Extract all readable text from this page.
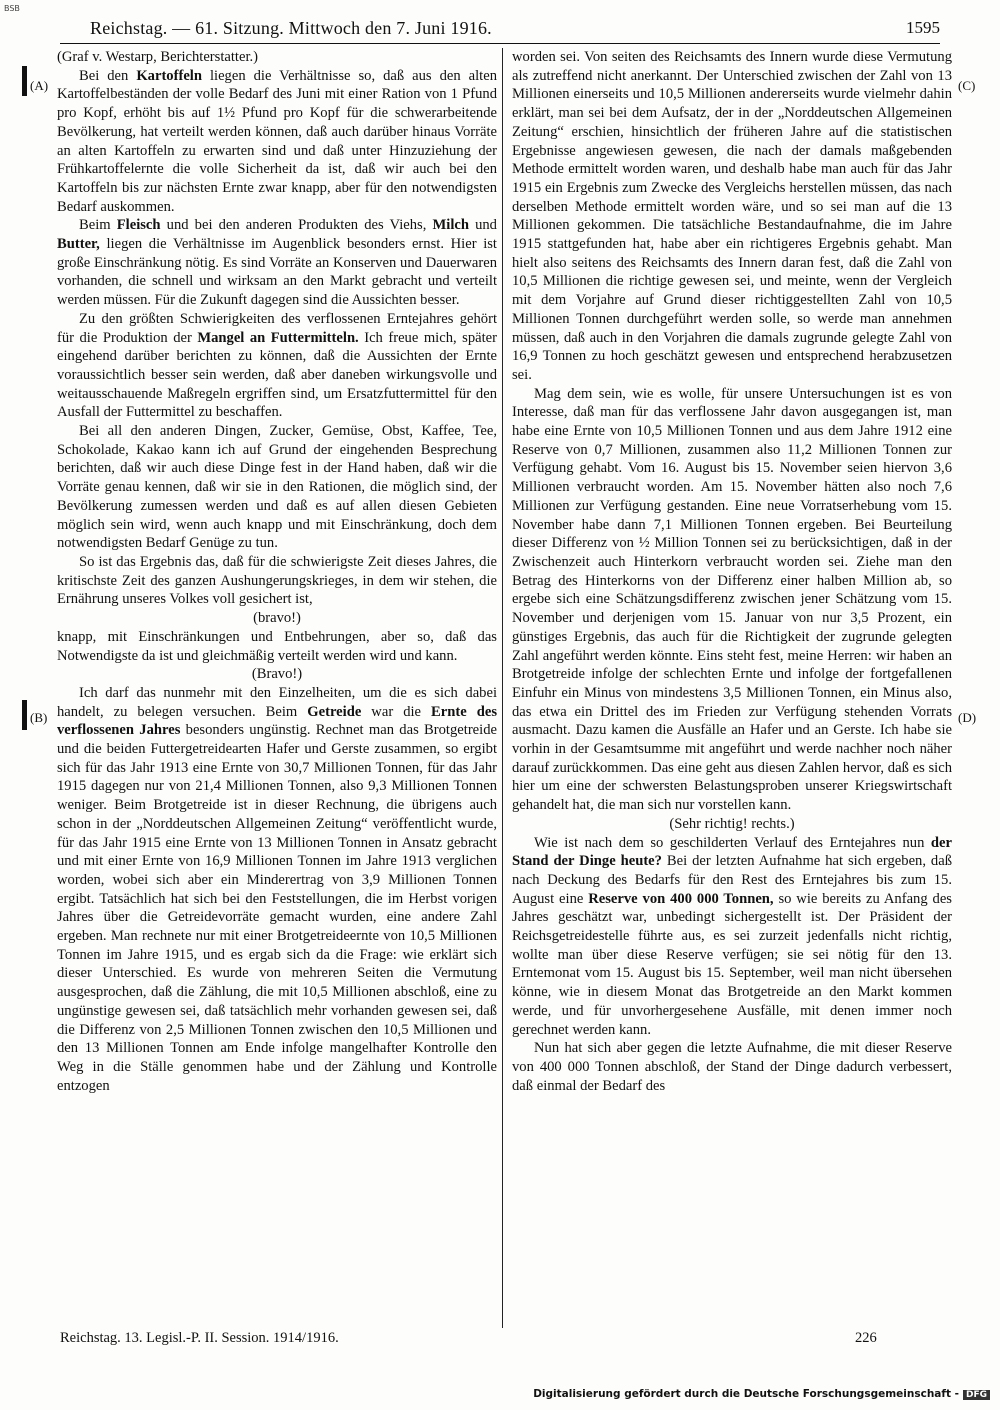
BSB
Reichstag. — 61. Sitzung. Mittwoch den 7. Juni 1916.	1595
(A)
(B)
(C)
(D)

(Graf v. Westarp, Berichterstatter.)

Bei den Kartoffeln liegen die Verhältnisse so, daß aus den alten Kartoffelbeständen der volle Bedarf des Juni mit einer Ration von 1 Pfund pro Kopf, erhöht bis auf 1½ Pfund pro Kopf für die schwerarbeitende Bevölkerung, hat verteilt werden können, daß auch darüber hinaus Vorräte an alten Kartoffeln zu erwarten sind und daß unter Hinzuziehung der Frühkartoffelernte die volle Sicherheit da ist, daß wir auch bei den Kartoffeln bis zur nächsten Ernte zwar knapp, aber für den notwendigsten Bedarf auskommen.

Beim Fleisch und bei den anderen Produkten des Viehs, Milch und Butter, liegen die Verhältnisse im Augenblick besonders ernst. Hier ist große Einschränkung nötig. Es sind Vorräte an Konserven und Dauerwaren vorhanden, die schnell und wirksam an den Markt gebracht und verteilt werden müssen. Für die Zukunft dagegen sind die Aussichten besser.

Zu den größten Schwierigkeiten des verflossenen Erntejahres gehört für die Produktion der Mangel an Futtermitteln. Ich freue mich, später eingehend darüber berichten zu können, daß die Aussichten der Ernte voraussichtlich besser sein werden, daß aber daneben wirkungsvolle und weitausschauende Maßregeln ergriffen sind, um Ersatzfuttermittel für den Ausfall der Futtermittel zu beschaffen.

Bei all den anderen Dingen, Zucker, Gemüse, Obst, Kaffee, Tee, Schokolade, Kakao kann ich auf Grund der eingehenden Besprechung berichten, daß wir auch diese Dinge fest in der Hand haben, daß wir die Vorräte genau kennen, daß wir sie in den Rationen, die möglich sind, der Bevölkerung zumessen werden und daß es auf allen diesen Gebieten möglich sein wird, wenn auch knapp und mit Einschränkung, doch dem notwendigsten Bedarf Genüge zu tun.

So ist das Ergebnis das, daß für die schwierigste Zeit dieses Jahres, die kritischste Zeit des ganzen Aushungerungskrieges, in dem wir stehen, die Ernährung unseres Volkes voll gesichert ist,

(bravo!)

knapp, mit Einschränkungen und Entbehrungen, aber so, daß das Notwendigste da ist und gleichmäßig verteilt werden wird und kann.

(Bravo!)

Ich darf das nunmehr mit den Einzelheiten, um die es sich dabei handelt, zu belegen versuchen. Beim Getreide war die Ernte des verflossenen Jahres besonders ungünstig. Rechnet man das Brotgetreide und die beiden Futtergetreidearten Hafer und Gerste zusammen, so ergibt sich für das Jahr 1913 eine Ernte von 30,7 Millionen Tonnen, für das Jahr 1915 dagegen nur von 21,4 Millionen Tonnen, also 9,3 Millionen Tonnen weniger. Beim Brotgetreide ist in dieser Rechnung, die übrigens auch schon in der „Norddeutschen Allgemeinen Zeitung“ veröffentlicht wurde, für das Jahr 1915 eine Ernte von 13 Millionen Tonnen in Ansatz gebracht und mit einer Ernte von 16,9 Millionen Tonnen im Jahre 1913 verglichen worden, wobei sich aber ein Minderertrag von 3,9 Millionen Tonnen ergibt. Tatsächlich hat sich bei den Feststellungen, die im Herbst vorigen Jahres über die Getreidevorräte gemacht wurden, eine andere Zahl ergeben. Man rechnete nur mit einer Brotgetreideernte von 10,5 Millionen Tonnen im Jahre 1915, und es ergab sich da die Frage: wie erklärt sich dieser Unterschied. Es wurde von mehreren Seiten die Vermutung ausgesprochen, daß die Zählung, die mit 10,5 Millionen abschloß, eine zu ungünstige gewesen sei, daß tatsächlich mehr vorhanden gewesen sei, daß die Differenz von 2,5 Millionen Tonnen zwischen den 10,5 Millionen und den 13 Millionen Tonnen am Ende infolge mangelhafter Kontrolle den Weg in die Ställe genommen habe und der Zählung und Kontrolle entzogen

worden sei. Von seiten des Reichsamts des Innern wurde diese Vermutung als zutreffend nicht anerkannt. Der Unterschied zwischen der Zahl von 13 Millionen einerseits und 10,5 Millionen andererseits wurde vielmehr dahin erklärt, man sei bei dem Aufsatz, der in der „Norddeutschen Allgemeinen Zeitung“ erschien, hinsichtlich der früheren Jahre auf die statistischen Ergebnisse angewiesen gewesen, die nach der damals maßgebenden Methode ermittelt worden waren, und deshalb habe man auch für das Jahr 1915 ein Ergebnis zum Zwecke des Vergleichs herstellen müssen, das nach derselben Methode ermittelt worden wäre, und so sei man auf die 13 Millionen gekommen. Die tatsächliche Bestandaufnahme, die im Jahre 1915 stattgefunden hat, habe aber ein richtigeres Ergebnis gehabt. Man hielt also seitens des Reichsamts des Innern daran fest, daß die Zahl von 10,5 Millionen die richtige gewesen sei, und meinte, wenn der Vergleich mit dem Vorjahre auf Grund dieser richtiggestellten Zahl von 10,5 Millionen Tonnen durchgeführt werden solle, so werde man annehmen müssen, daß auch in den Vorjahren die damals zugrunde gelegte Zahl von 16,9 Tonnen zu hoch geschätzt gewesen und entsprechend herabzusetzen sei.

Mag dem sein, wie es wolle, für unsere Untersuchungen ist es von Interesse, daß man für das verflossene Jahr davon ausgegangen ist, man habe eine Ernte von 10,5 Millionen Tonnen und aus dem Jahre 1912 eine Reserve von 0,7 Millionen, zusammen also 11,2 Millionen Tonnen zur Verfügung gehabt. Vom 16. August bis 15. November seien hiervon 3,6 Millionen verbraucht worden. Am 15. November hätten also noch 7,6 Millionen zur Verfügung gestanden. Eine neue Vorratserhebung vom 15. November habe dann 7,1 Millionen Tonnen ergeben. Bei Beurteilung dieser Differenz von ½ Million Tonnen sei zu berücksichtigen, daß in der Zwischenzeit auch Hinterkorn verbraucht worden sei. Ziehe man den Betrag des Hinterkorns von der Differenz einer halben Million ab, so ergebe sich eine Schätzungsdifferenz zwischen jener Schätzung vom 15. November und derjenigen vom 15. Januar von nur 3,5 Prozent, ein günstiges Ergebnis, das auch für die Richtigkeit der zugrunde gelegten Zahl angeführt werden könnte. Eins steht fest, meine Herren: wir haben an Brotgetreide infolge der schlechten Ernte und infolge der fortgefallenen Einfuhr ein Minus von mindestens 3,5 Millionen Tonnen, ein Minus also, das etwa ein Drittel des im Frieden zur Verfügung stehenden Vorrats ausmacht. Dazu kamen die Ausfälle an Hafer und an Gerste. Ich habe sie vorhin in der Gesamtsumme mit angeführt und werde nachher noch näher darauf zurückkommen. Das eine geht aus diesen Zahlen hervor, daß es sich hier um eine der schwersten Belastungsproben unserer Kriegswirtschaft gehandelt hat, die man sich nur vorstellen kann.

(Sehr richtig! rechts.)

Wie ist nach dem so geschilderten Verlauf des Erntejahres nun der Stand der Dinge heute? Bei der letzten Aufnahme hat sich ergeben, daß nach Deckung des Bedarfs für den Rest des Erntejahres bis zum 15. August eine Reserve von 400 000 Tonnen, so wie bereits zu Anfang des Jahres geschätzt war, unbedingt sichergestellt ist. Der Präsident der Reichsgetreidestelle führte aus, es sei zurzeit jedenfalls nicht richtig, wollte man über diese Reserve verfügen; sie sei nötig für den 13. Erntemonat vom 15. August bis 15. September, weil man nicht übersehen könne, wie in diesem Monat das Brotgetreide an den Markt kommen werde, und für unvorhergesehene Ausfälle, mit denen immer noch gerechnet werden kann.

Nun hat sich aber gegen die letzte Aufnahme, die mit dieser Reserve von 400 000 Tonnen abschloß, der Stand der Dinge dadurch verbessert, daß einmal der Bedarf des

Reichstag. 13. Legisl.-P. II. Session. 1914/1916.	226
Digitalisierung gefördert durch die Deutsche Forschungsgemeinschaft - DFG
